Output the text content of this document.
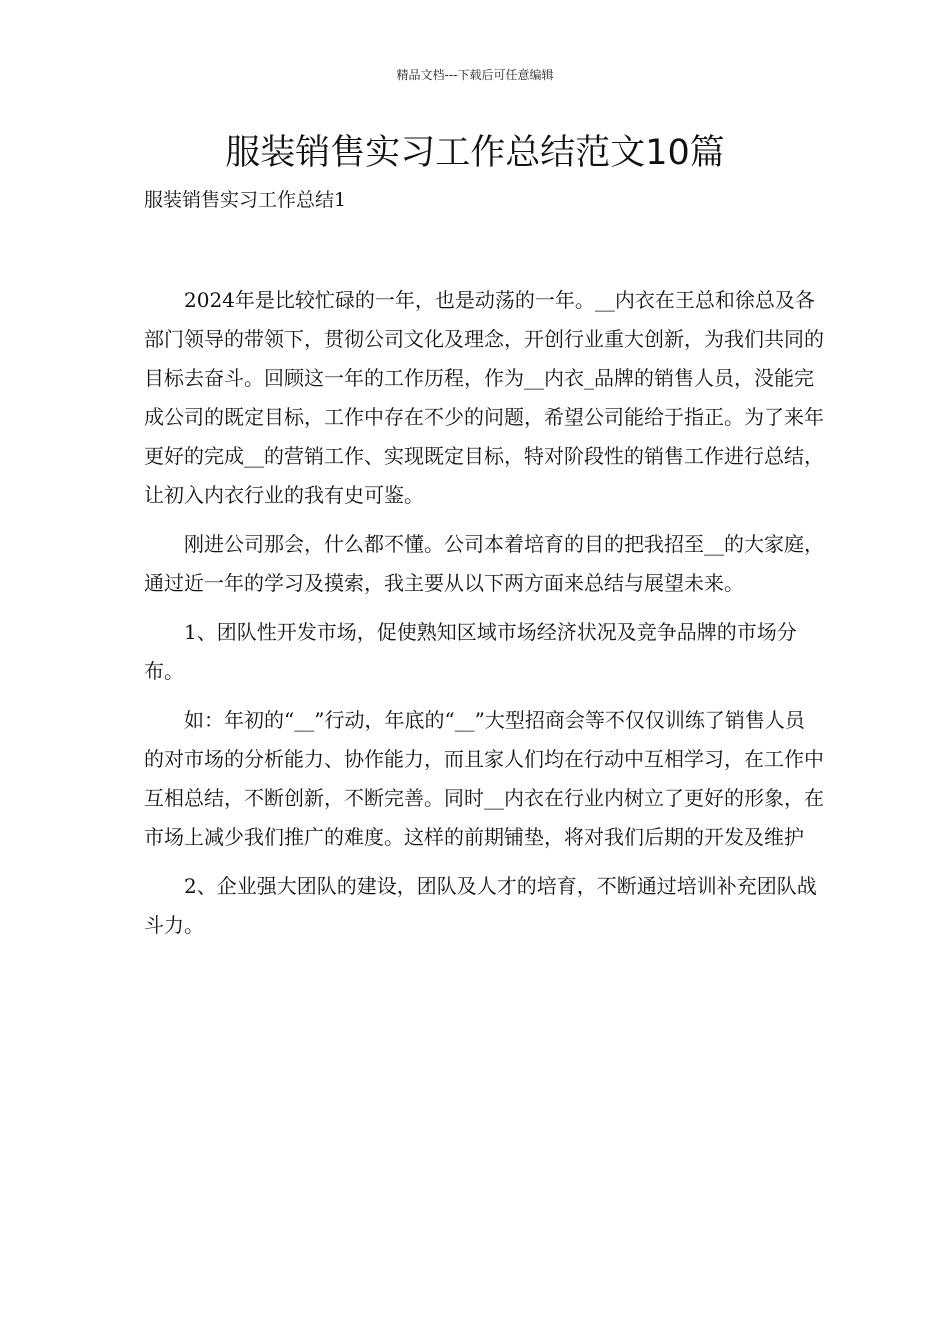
精品文档---下载后可任意编辑
服装销售实习工作总结范文10篇
服装销售实习工作总结1

2024年是比较忙碌的一年，也是动荡的一年。__内衣在王总和徐总及各部门领导的带领下，贯彻公司文化及理念，开创行业重大创新，为我们共同的目标去奋斗。回顾这一年的工作历程，作为__内衣_品牌的销售人员，没能完成公司的既定目标，工作中存在不少的问题，希望公司能给于指正。为了来年更好的完成__的营销工作、实现既定目标，特对阶段性的销售工作进行总结，让初入内衣行业的我有史可鉴。

刚进公司那会，什么都不懂。公司本着培育的目的把我招至__的大家庭，通过近一年的学习及摸索，我主要从以下两方面来总结与展望未来。

1、团队性开发市场，促使熟知区域市场经济状况及竞争品牌的市场分布。

如：年初的“__”行动，年底的“__”大型招商会等不仅仅训练了销售人员的对市场的分析能力、协作能力，而且家人们均在行动中互相学习，在工作中互相总结，不断创新，不断完善。同时__内衣在行业内树立了更好的形象，在市场上减少我们推广的难度。这样的前期铺垫，将对我们后期的开发及维护

2、企业强大团队的建设，团队及人才的培育，不断通过培训补充团队战斗力。
